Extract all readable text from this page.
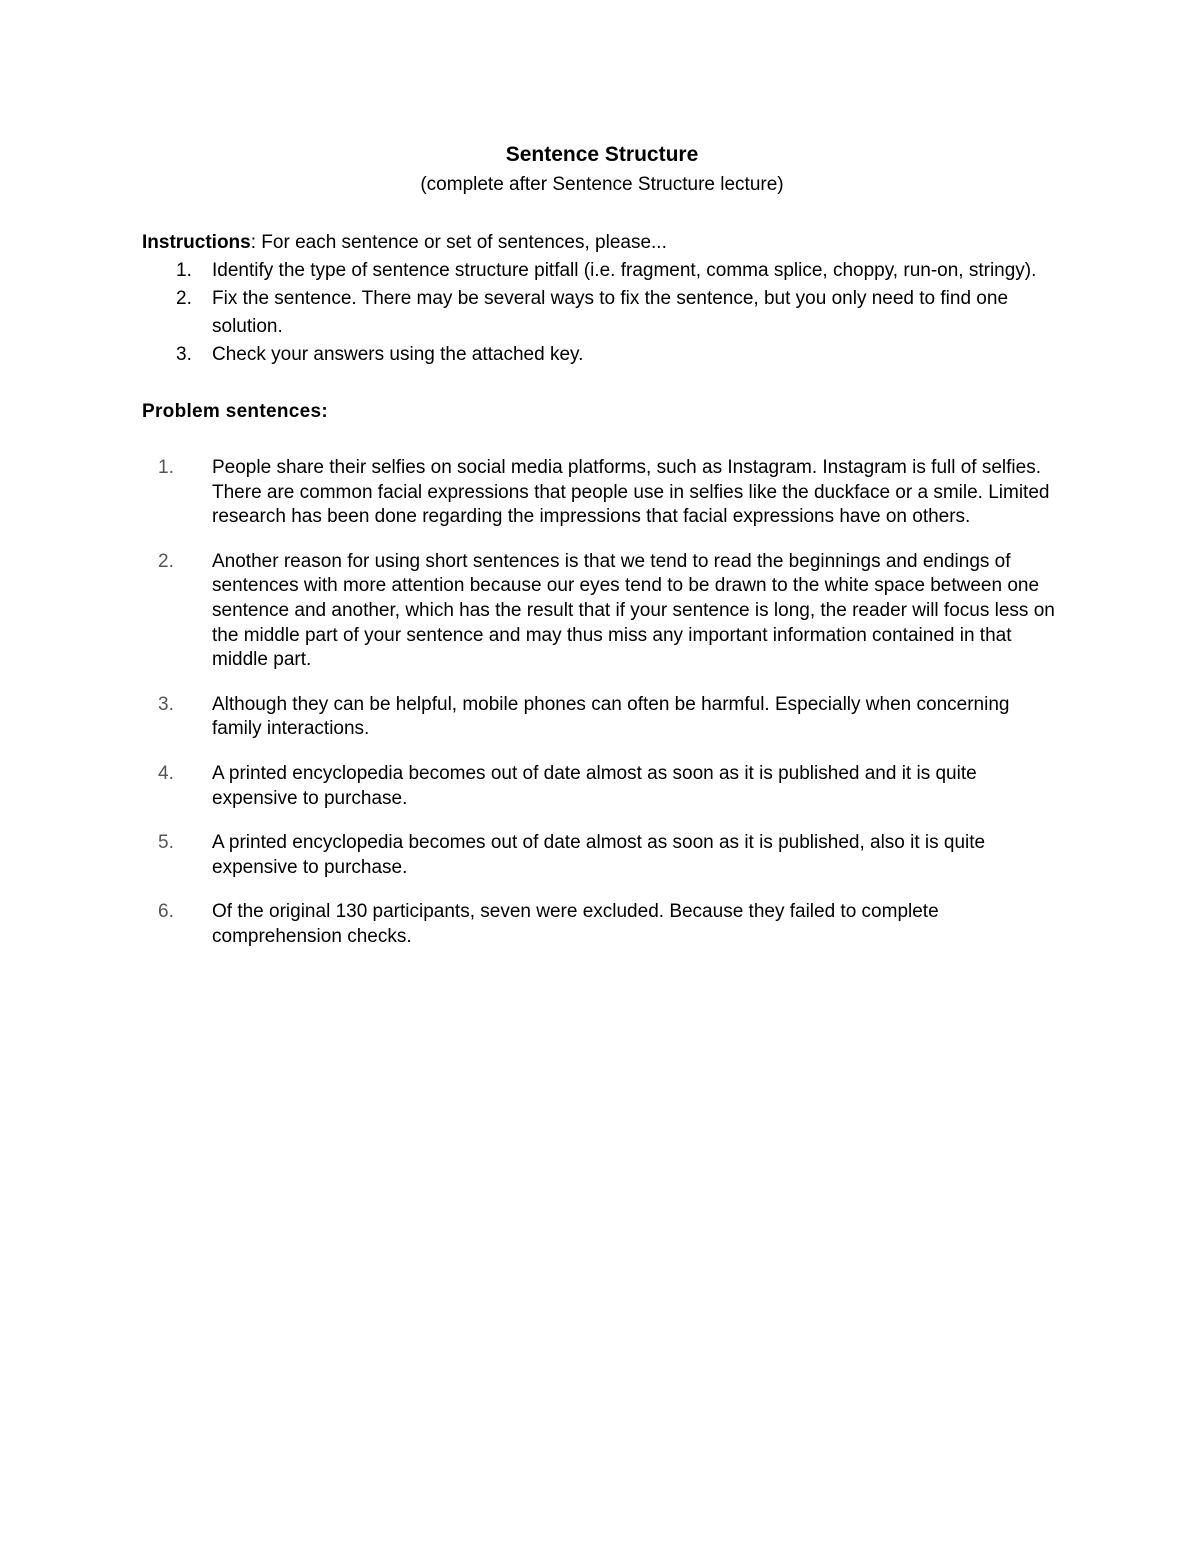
Sentence Structure

(complete after Sentence Structure lecture)

Instructions: For each sentence or set of sentences, please...
1. Identify the type of sentence structure pitfall (i.e. fragment, comma splice, choppy, run-on, stringy).
2. Fix the sentence. There may be several ways to fix the sentence, but you only need to find one solution.
3. Check your answers using the attached key.
Problem sentences:
1. People share their selfies on social media platforms, such as Instagram. Instagram is full of selfies. There are common facial expressions that people use in selfies like the duckface or a smile. Limited research has been done regarding the impressions that facial expressions have on others.
2. Another reason for using short sentences is that we tend to read the beginnings and endings of sentences with more attention because our eyes tend to be drawn to the white space between one sentence and another, which has the result that if your sentence is long, the reader will focus less on the middle part of your sentence and may thus miss any important information contained in that middle part.
3. Although they can be helpful, mobile phones can often be harmful. Especially when concerning family interactions.
4. A printed encyclopedia becomes out of date almost as soon as it is published and it is quite expensive to purchase.
5. A printed encyclopedia becomes out of date almost as soon as it is published, also it is quite expensive to purchase.
6. Of the original 130 participants, seven were excluded. Because they failed to complete comprehension checks.
